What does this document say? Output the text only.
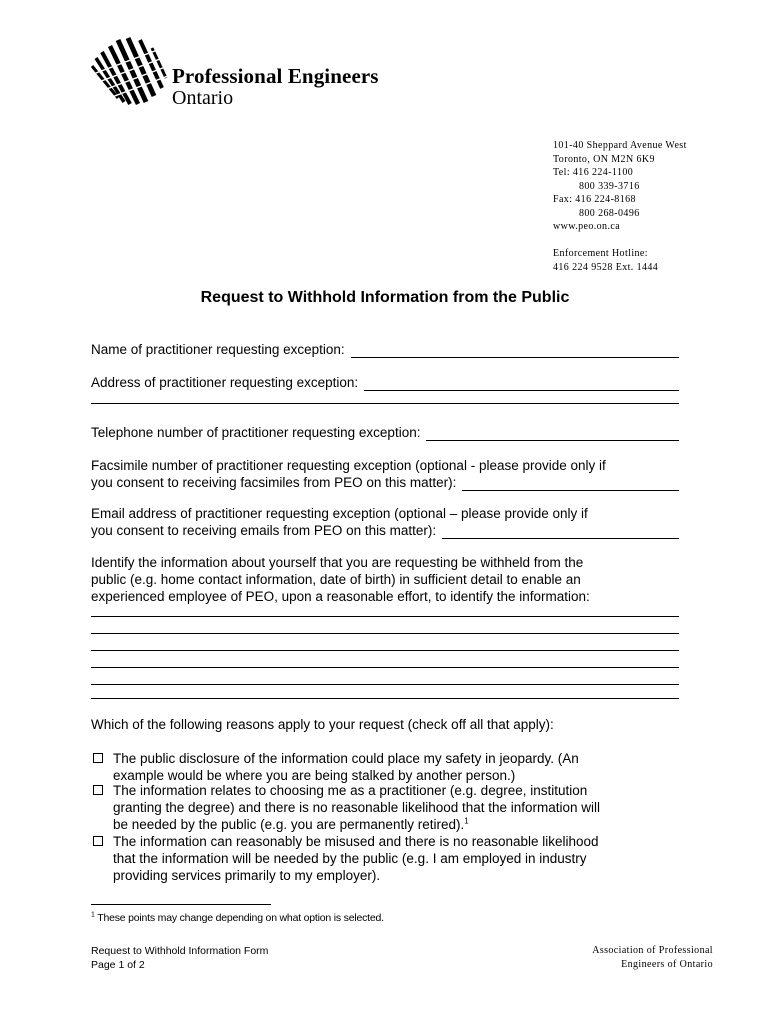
Professional Engineers
Ontario
101-40 Sheppard Avenue West
Toronto, ON M2N 6K9
Tel: 416 224-1100
800 339-3716
Fax: 416 224-8168
800 268-0496
www.peo.on.ca
Enforcement Hotline:
416 224 9528 Ext. 1444
Request to Withhold Information from the Public
Name of practitioner requesting exception:
Address of practitioner requesting exception:
Telephone number of practitioner requesting exception:
Facsimile number of practitioner requesting exception (optional - please provide only if
you consent to receiving facsimiles from PEO on this matter):
Email address of practitioner requesting exception (optional – please provide only if
you consent to receiving emails from PEO on this matter):
Identify the information about yourself that you are requesting be withheld from the
public (e.g. home contact information, date of birth) in sufficient detail to enable an
experienced employee of PEO, upon a reasonable effort, to identify the information:
Which of the following reasons apply to your request (check off all that apply):
The public disclosure of the information could place my safety in jeopardy. (An
example would be where you are being stalked by another person.)
The information relates to choosing me as a practitioner (e.g. degree, institution
granting the degree) and there is no reasonable likelihood that the information will
be needed by the public (e.g. you are permanently retired).$^1$
The information can reasonably be misused and there is no reasonable likelihood
that the information will be needed by the public (e.g. I am employed in industry
providing services primarily to my employer).
$^1$ These points may change depending on what option is selected.
Request to Withhold Information Form
Page 1 of 2
Association of Professional
Engineers of Ontario
